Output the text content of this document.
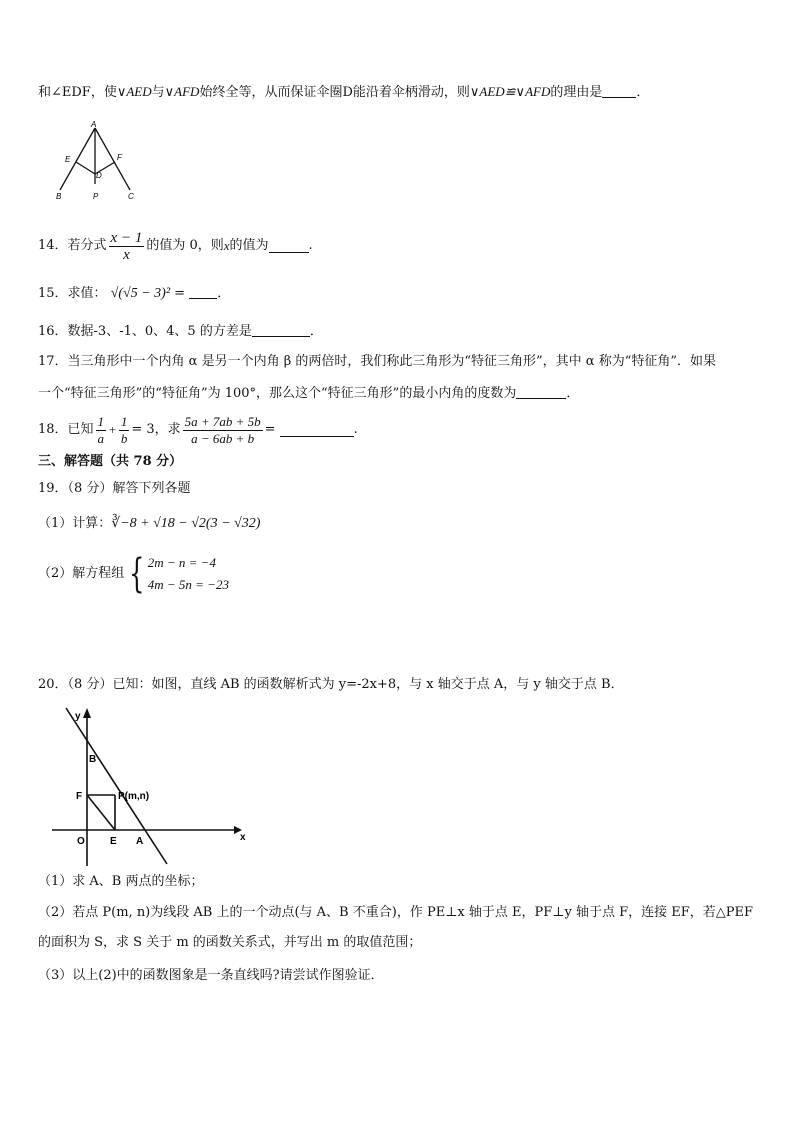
和∠EDF，使∨AED与∨AFD始终全等，从而保证伞圈D能沿着伞柄滑动，则∨AED≌∨AFD的理由是	．
A
E	F
D
B	P	C
14．若分式 $\frac{x - 1}{x}$ 的值为 0，则 x 的值为	.
15．求值： √(√5 − 3)² = ．
16．数据-3、-1、0、4、5 的方差是	．
17．当三角形中一个内角 α 是另一个内角 β 的两倍时，我们称此三角形为“特征三角形”，其中 α 称为“特征角”．如果
一个“特征三角形”的“特征角”为 100°，那么这个“特征三角形”的最小内角的度数为	．
18．已知 $\frac{1}{a} + \frac{1}{b} = 3$，求 $\frac{5a + 7ab + 5b}{a - 6ab + b}$ =	.
三、解答题（共 78 分）
19．（8 分）解答下列各题
（1）计算：∛−8 + √18 − √2(3 − √32)
（2）解方程组 { 2m − n = −4
4m − 5n = −23
20．（8 分）已知：如图，直线 AB 的函数解析式为 y=-2x+8，与 x 轴交于点 A，与 y 轴交于点 B．
y
x
B
F	P(m,n)
O	E A
（1）求 A、B 两点的坐标；
（2）若点 P(m, n)为线段 AB 上的一个动点(与 A、B 不重合)，作 PE⊥x 轴于点 E，PF⊥y 轴于点 F，连接 EF，若△PEF
的面积为 S，求 S 关于 m 的函数关系式，并写出 m 的取值范围；
（3）以上(2)中的函数图象是一条直线吗?请尝试作图验证．
